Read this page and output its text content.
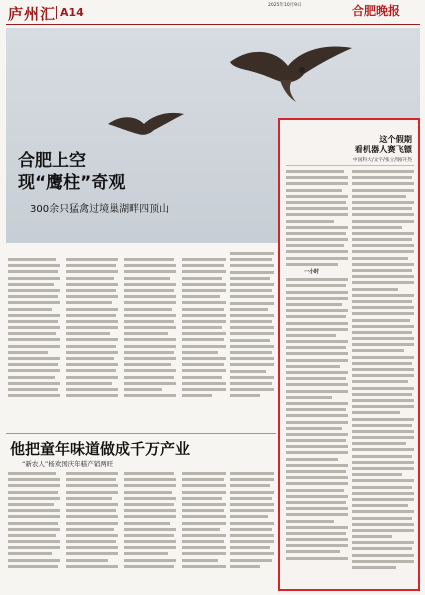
庐州汇 A14
2025年10月9日	合肥晚报
合肥上空
现“鹰柱”奇观
300余只猛禽过境巢湖畔四顶山
他把童年味道做成千万产业
“新农人”杨欢国庆年糕产销两旺
这个假期
看机器人赛飞镖
中国科大/文字/张立/钢/开热
一小时
